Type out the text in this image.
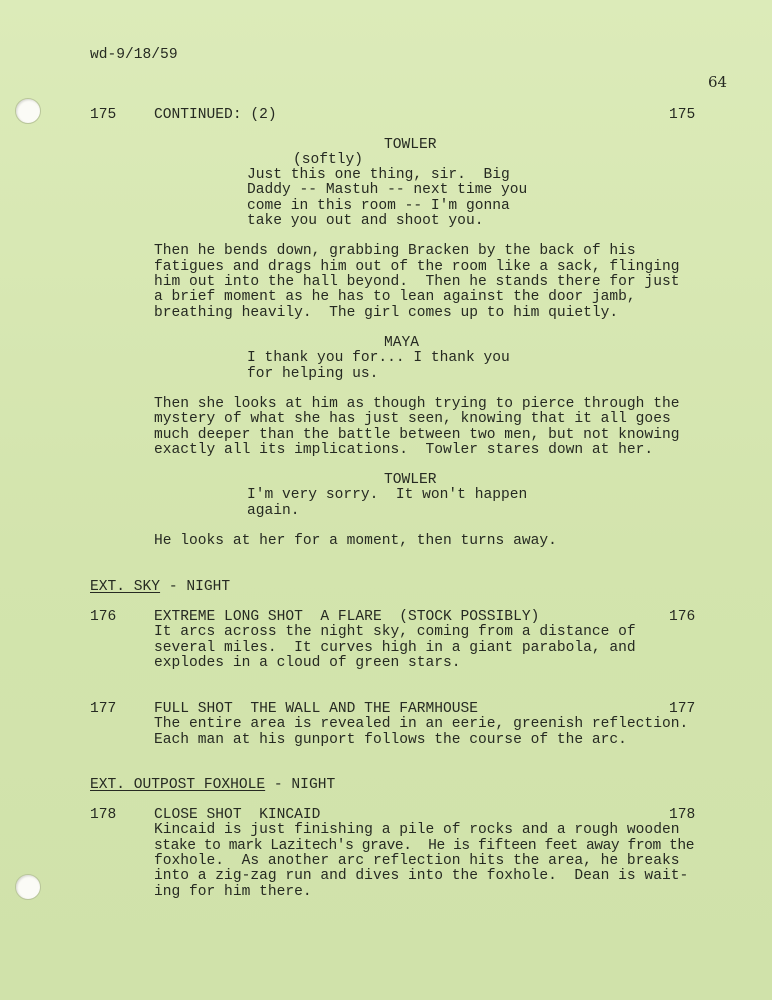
wd-9/18/59
64
175	CONTINUED: (2)	175
TOWLER
(softly)
Just this one thing, sir.  Big
Daddy -- Mastuh -- next time you
come in this room -- I'm gonna
take you out and shoot you.
Then he bends down, grabbing Bracken by the back of his
fatigues and drags him out of the room like a sack, flinging
him out into the hall beyond.  Then he stands there for just
a brief moment as he has to lean against the door jamb,
breathing heavily.  The girl comes up to him quietly.
MAYA
I thank you for... I thank you
for helping us.
Then she looks at him as though trying to pierce through the
mystery of what she has just seen, knowing that it all goes
much deeper than the battle between two men, but not knowing
exactly all its implications.  Towler stares down at her.
TOWLER
I'm very sorry.  It won't happen
again.
He looks at her for a moment, then turns away.
EXT. SKY - NIGHT
176	EXTREME LONG SHOT  A FLARE  (STOCK POSSIBLY)	176
It arcs across the night sky, coming from a distance of
several miles.  It curves high in a giant parabola, and
explodes in a cloud of green stars.
177	FULL SHOT  THE WALL AND THE FARMHOUSE	177
The entire area is revealed in an eerie, greenish reflection.
Each man at his gunport follows the course of the arc.
EXT. OUTPOST FOXHOLE - NIGHT
178	CLOSE SHOT  KINCAID	178
Kincaid is just finishing a pile of rocks and a rough wooden
stake to mark Lazitech's grave.  He is fifteen feet away from the
foxhole.  As another arc reflection hits the area, he breaks
into a zig-zag run and dives into the foxhole.  Dean is wait-
ing for him there.
